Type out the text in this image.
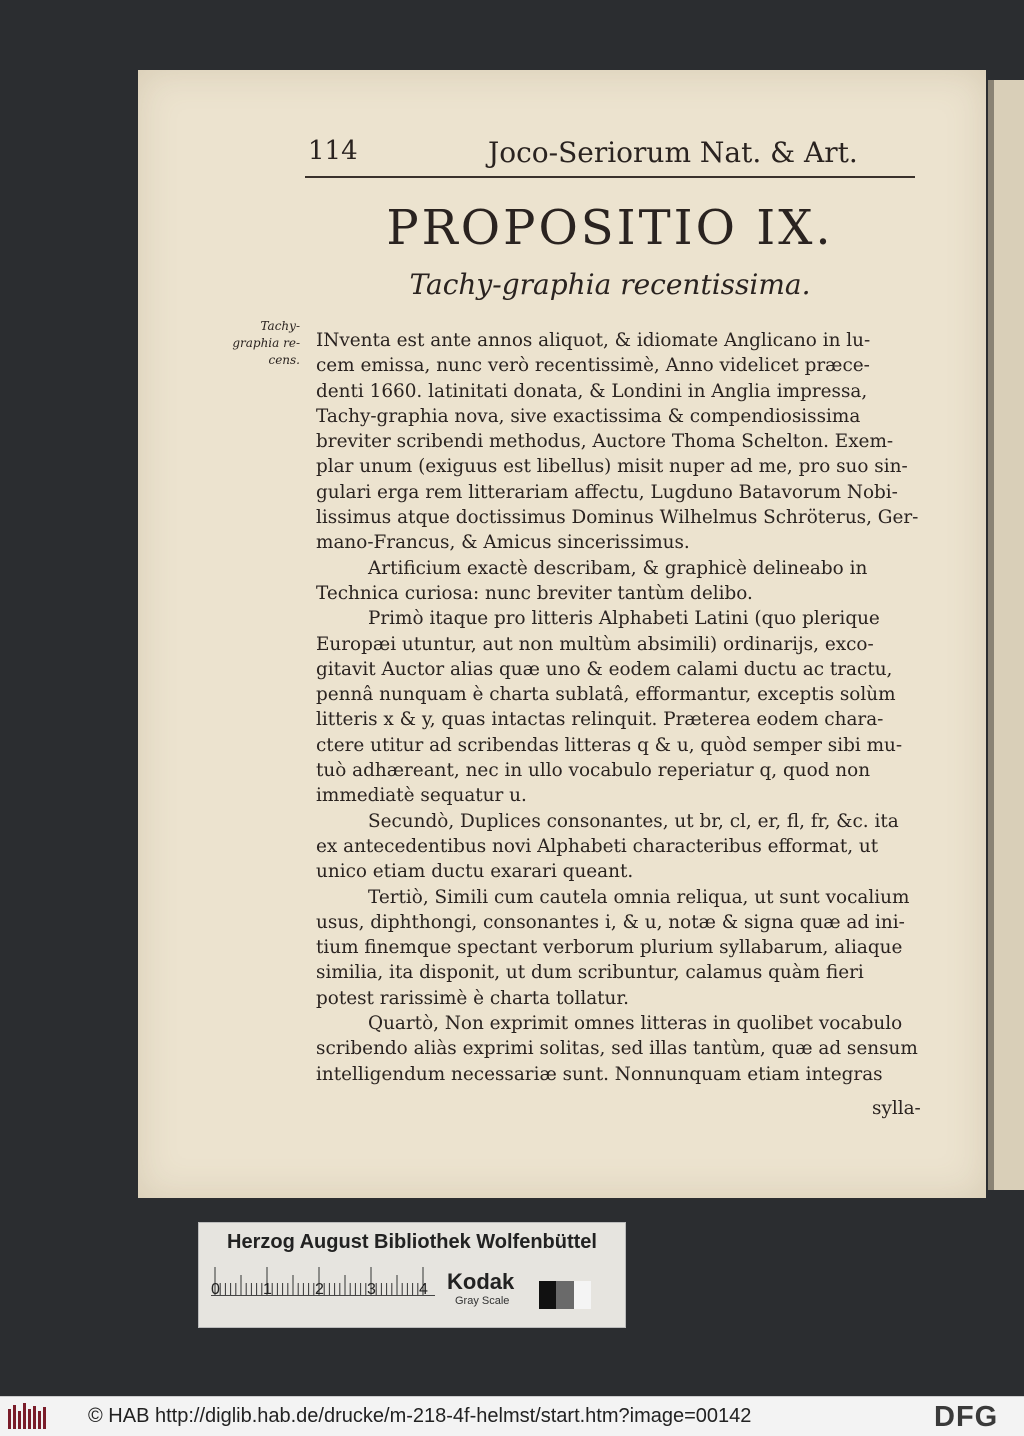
114	Joco-Seriorum Nat. & Art.
PROPOSITIO IX.
Tachy-graphia recentissima.
Tachy-
graphia re-
cens.
INventa est ante annos aliquot, & idiomate Anglicano in lu-
cem emissa, nunc verò recentissimè, Anno videlicet præce-
denti 1660. latinitati donata, & Londini in Anglia impressa,
Tachy-graphia nova, sive exactissima & compendiosissima
breviter scribendi methodus, Auctore Thoma Schelton. Exem-
plar unum (exiguus est libellus) misit nuper ad me, pro suo sin-
gulari erga rem litterariam affectu, Lugduno Batavorum Nobi-
lissimus atque doctissimus Dominus Wilhelmus Schröterus, Ger-
mano-Francus, & Amicus sincerissimus.
Artificium exactè describam, & graphicè delineabo in
Technica curiosa: nunc breviter tantùm delibo.
Primò itaque pro litteris Alphabeti Latini (quo plerique
Europæi utuntur, aut non multùm absimili) ordinarijs, exco-
gitavit Auctor alias quæ uno & eodem calami ductu ac tractu,
pennâ nunquam è charta sublatâ, efformantur, exceptis solùm
litteris x & y, quas intactas relinquit. Præterea eodem chara-
ctere utitur ad scribendas litteras q & u, quòd semper sibi mu-
tuò adhæreant, nec in ullo vocabulo reperiatur q, quod non
immediatè sequatur u.
Secundò, Duplices consonantes, ut br, cl, er, fl, fr, &c. ita
ex antecedentibus novi Alphabeti characteribus efformat, ut
unico etiam ductu exarari queant.
Tertiò, Simili cum cautela omnia reliqua, ut sunt vocalium
usus, diphthongi, consonantes i, & u, notæ & signa quæ ad ini-
tium finemque spectant verborum plurium syllabarum, aliaque
similia, ita disponit, ut dum scribuntur, calamus quàm fieri
potest rarissimè è charta tollatur.
Quartò, Non exprimit omnes litteras in quolibet vocabulo
scribendo aliàs exprimi solitas, sed illas tantùm, quæ ad sensum
intelligendum necessariæ sunt. Nonnunquam etiam integras
sylla-
Herzog August Bibliothek Wolfenbüttel
0	1	2	3	4 Kodak
Gray Scale
© HAB http://diglib.hab.de/drucke/m-218-4f-helmst/start.htm?image=00142	DFG
